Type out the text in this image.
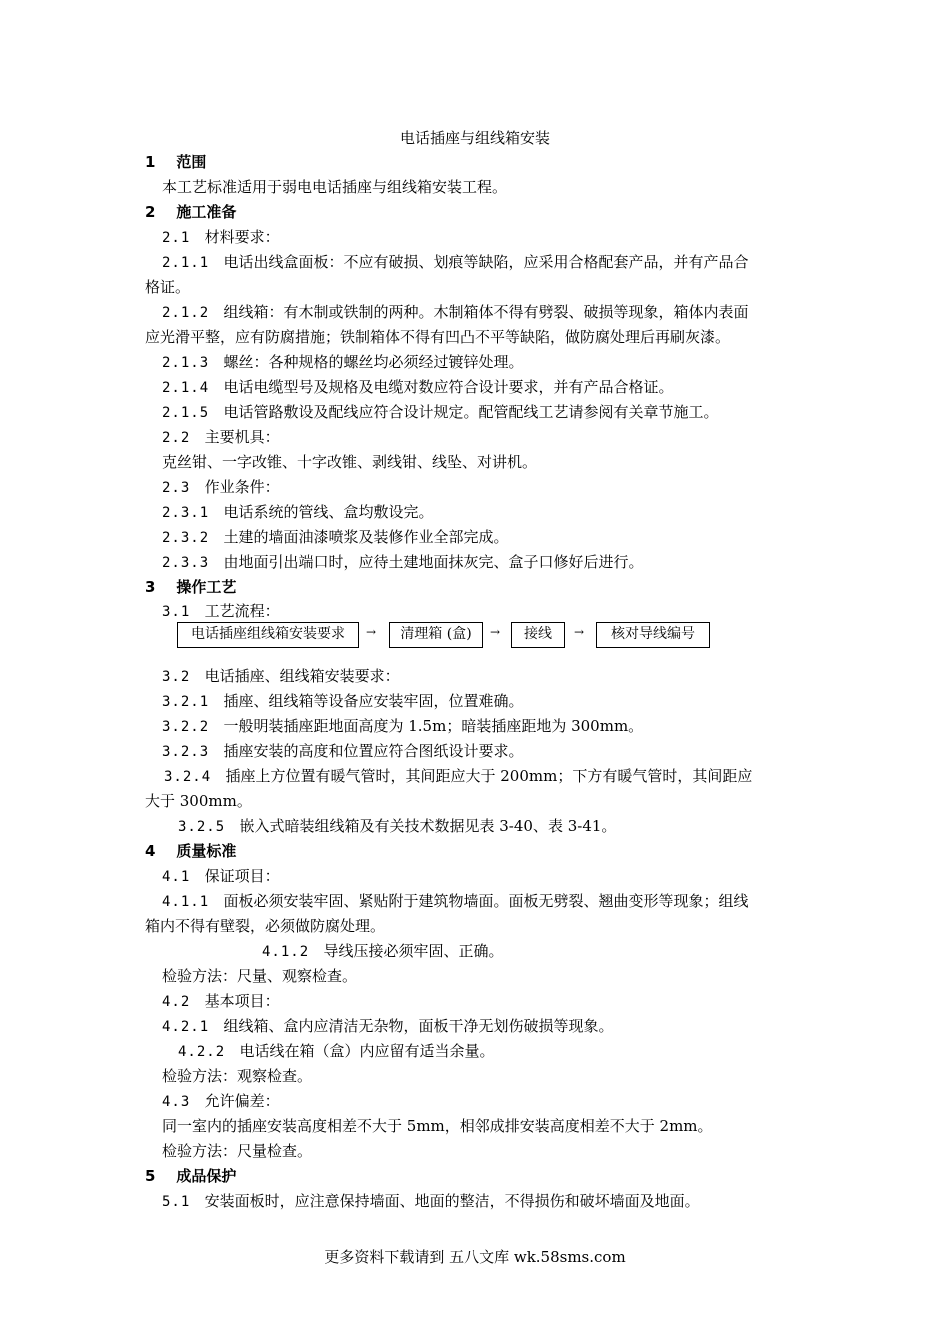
电话插座与组线箱安装
1 范围
本工艺标准适用于弱电电话插座与组线箱安装工程。
2 施工准备
2.1 材料要求：
2.1.1 电话出线盒面板：不应有破损、划痕等缺陷，应采用合格配套产品，并有产品合
格证。
2.1.2 组线箱：有木制或铁制的两种。木制箱体不得有劈裂、破损等现象，箱体内表面
应光滑平整，应有防腐措施；铁制箱体不得有凹凸不平等缺陷，做防腐处理后再刷灰漆。
2.1.3 螺丝：各种规格的螺丝均必须经过镀锌处理。
2.1.4 电话电缆型号及规格及电缆对数应符合设计要求，并有产品合格证。
2.1.5 电话管路敷设及配线应符合设计规定。配管配线工艺请参阅有关章节施工。
2.2 主要机具：
克丝钳、一字改锥、十字改锥、剥线钳、线坠、对讲机。
2.3 作业条件：
2.3.1 电话系统的管线、盒均敷设完。
2.3.2 土建的墙面油漆喷浆及装修作业全部完成。
2.3.3 由地面引出端口时，应待土建地面抹灰完、盒子口修好后进行。
3 操作工艺
3.1 工艺流程：
电话插座组线箱安装要求	→	清理箱 (盒)	→	接线	→	核对导线编号
3.2 电话插座、组线箱安装要求：
3.2.1 插座、组线箱等设备应安装牢固，位置难确。
3.2.2 一般明装插座距地面高度为 1.5m；暗装插座距地为 300mm。
3.2.3 插座安装的高度和位置应符合图纸设计要求。
3.2.4 插座上方位置有暖气管时，其间距应大于 200mm；下方有暖气管时，其间距应
大于 300mm。
3.2.5 嵌入式暗装组线箱及有关技术数据见表 3-40、表 3-41。
4 质量标准
4.1 保证项目：
4.1.1 面板必须安装牢固、紧贴附于建筑物墙面。面板无劈裂、翘曲变形等现象；组线
箱内不得有壁裂，必须做防腐处理。
4.1.2 导线压接必须牢固、正确。
检验方法：尺量、观察检查。
4.2 基本项目：
4.2.1 组线箱、盒内应清洁无杂物，面板干净无划伤破损等现象。
4.2.2 电话线在箱（盒）内应留有适当余量。
检验方法：观察检查。
4.3 允许偏差：
同一室内的插座安装高度相差不大于 5mm，相邻成排安装高度相差不大于 2mm。
检验方法：尺量检查。
5 成品保护
5.1 安装面板时，应注意保持墙面、地面的整洁，不得损伤和破坏墙面及地面。
更多资料下载请到 五八文库 wk.58sms.com
